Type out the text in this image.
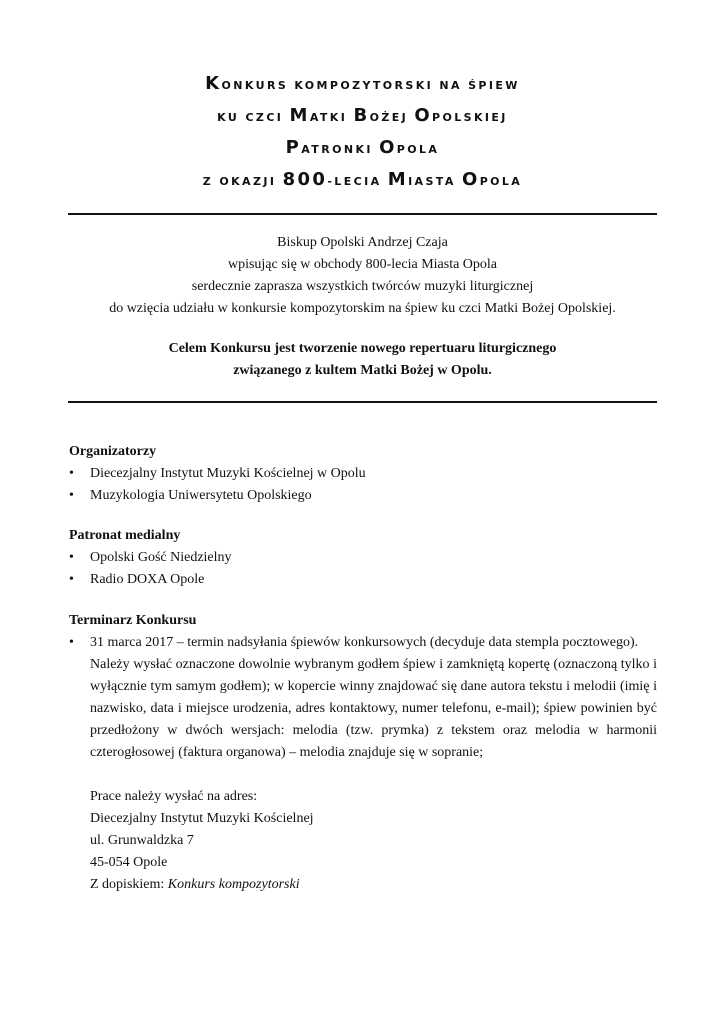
Konkurs kompozytorski na śpiew
ku czci Matki Bożej Opolskiej
Patronki Opola
z okazji 800-lecia Miasta Opola
Biskup Opolski Andrzej Czaja
wpisując się w obchody 800-lecia Miasta Opola
serdecznie zaprasza wszystkich twórców muzyki liturgicznej
do wzięcia udziału w konkursie kompozytorskim na śpiew ku czci Matki Bożej Opolskiej.
Celem Konkursu jest tworzenie nowego repertuaru liturgicznego
związanego z kultem Matki Bożej w Opolu.
Organizatorzy
• Diecezjalny Instytut Muzyki Kościelnej w Opolu
• Muzykologia Uniwersytetu Opolskiego
Patronat medialny
• Opolski Gość Niedzielny
• Radio DOXA Opole
Terminarz Konkursu
• 31 marca 2017 – termin nadsyłania śpiewów konkursowych (decyduje data stempla pocztowego).
Należy wysłać oznaczone dowolnie wybranym godłem śpiew i zamkniętą kopertę (oznaczoną tylko i wyłącznie tym samym godłem); w kopercie winny znajdować się dane autora tekstu i melodii (imię i nazwisko, data i miejsce urodzenia, adres kontaktowy, numer telefonu, e-mail); śpiew powinien być przedłożony w dwóch wersjach: melodia (tzw. prymka) z tekstem oraz melodia w harmonii czterogłosowej (faktura organowa) – melodia znajduje się w sopranie;
Prace należy wysłać na adres:
Diecezjalny Instytut Muzyki Kościelnej
ul. Grunwaldzka 7
45-054 Opole
Z dopiskiem: Konkurs kompozytorski
